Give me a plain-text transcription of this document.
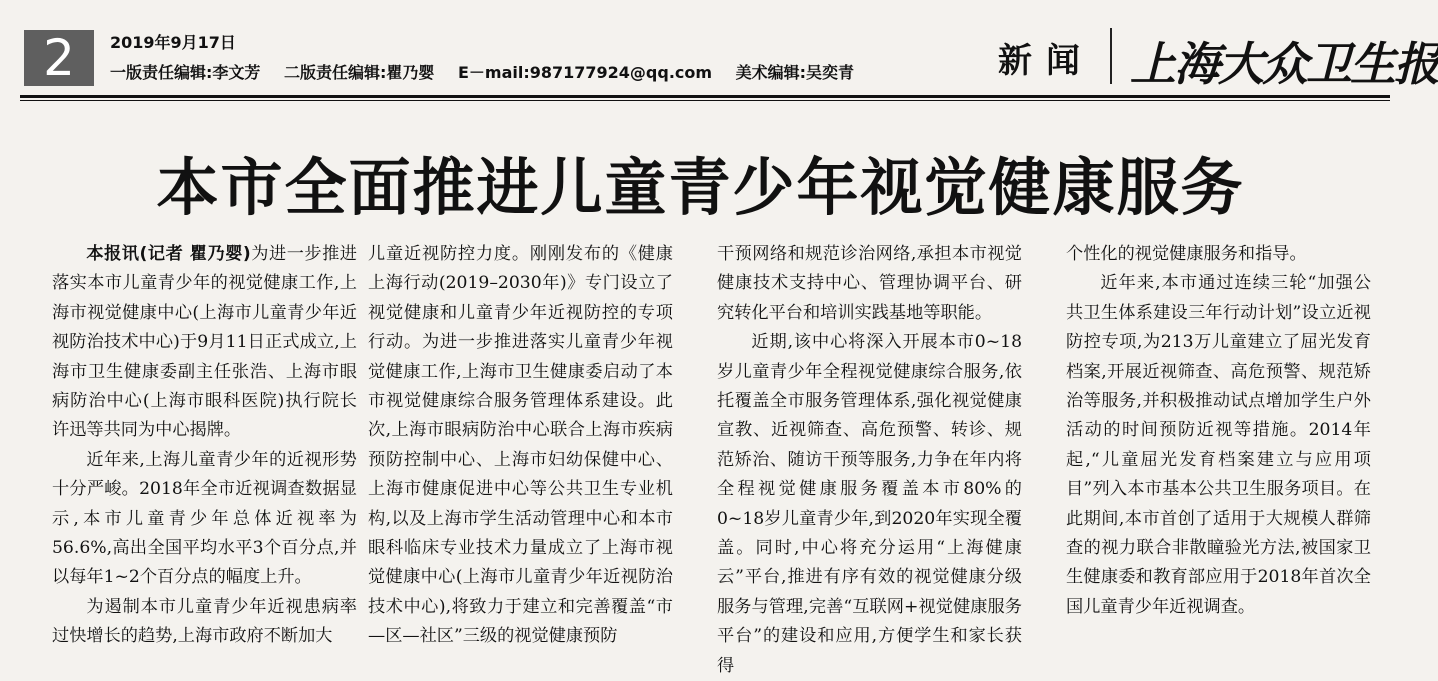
2	2019年9月17日
一版责任编辑:李文芳 二版责任编辑:瞿乃婴 E－mail:987177924@qq.com 美术编辑:吴奕青	新闻 上海大众卫生报
本市全面推进儿童青少年视觉健康服务

本报讯(记者 瞿乃婴)为进一步推进落实本市儿童青少年的视觉健康工作,上海市视觉健康中心(上海市儿童青少年近视防治技术中心)于9月11日正式成立,上海市卫生健康委副主任张浩、上海市眼病防治中心(上海市眼科医院)执行院长许迅等共同为中心揭牌。

近年来,上海儿童青少年的近视形势十分严峻。2018年全市近视调查数据显示,本市儿童青少年总体近视率为56.6%,高出全国平均水平3个百分点,并以每年1~2个百分点的幅度上升。

为遏制本市儿童青少年近视患病率过快增长的趋势,上海市政府不断加大

儿童近视防控力度。刚刚发布的《健康上海行动(2019–2030年)》专门设立了视觉健康和儿童青少年近视防控的专项行动。为进一步推进落实儿童青少年视觉健康工作,上海市卫生健康委启动了本市视觉健康综合服务管理体系建设。此次,上海市眼病防治中心联合上海市疾病预防控制中心、上海市妇幼保健中心、上海市健康促进中心等公共卫生专业机构,以及上海市学生活动管理中心和本市眼科临床专业技术力量成立了上海市视觉健康中心(上海市儿童青少年近视防治技术中心),将致力于建立和完善覆盖“市—区—社区”三级的视觉健康预防

干预网络和规范诊治网络,承担本市视觉健康技术支持中心、管理协调平台、研究转化平台和培训实践基地等职能。

近期,该中心将深入开展本市0~18岁儿童青少年全程视觉健康综合服务,依托覆盖全市服务管理体系,强化视觉健康宣教、近视筛查、高危预警、转诊、规范矫治、随访干预等服务,力争在年内将全程视觉健康服务覆盖本市80%的0~18岁儿童青少年,到2020年实现全覆盖。同时,中心将充分运用“上海健康云”平台,推进有序有效的视觉健康分级服务与管理,完善“互联网+视觉健康服务平台”的建设和应用,方便学生和家长获得

个性化的视觉健康服务和指导。

近年来,本市通过连续三轮“加强公共卫生体系建设三年行动计划”设立近视防控专项,为213万儿童建立了屈光发育档案,开展近视筛查、高危预警、规范矫治等服务,并积极推动试点增加学生户外活动的时间预防近视等措施。2014年起,“儿童屈光发育档案建立与应用项目”列入本市基本公共卫生服务项目。在此期间,本市首创了适用于大规模人群筛查的视力联合非散瞳验光方法,被国家卫生健康委和教育部应用于2018年首次全国儿童青少年近视调查。
